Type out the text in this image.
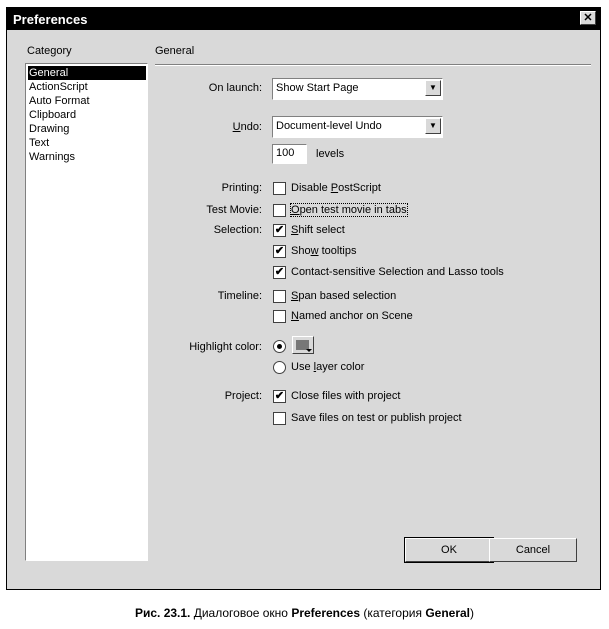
Preferences	✕
Category
General
ActionScript
Auto Format
Clipboard
Drawing
Text
Warnings
General
On launch: Show Start Page	▼
Undo: Document-level Undo	▼
100	levels
Printing:	Disable PostScript
Test Movie:	Open test movie in tabs
Selection: ✔ Shift select
✔ Show tooltips
✔ Contact-sensitive Selection and Lasso tools
Timeline:	Span based selection
Named anchor on Scene
Highlight color:
Use layer color
Project: ✔ Close files with project
Save files on test or publish project
OK	Cancel
Рис. 23.1. Диалоговое окно Preferences (категория General)
